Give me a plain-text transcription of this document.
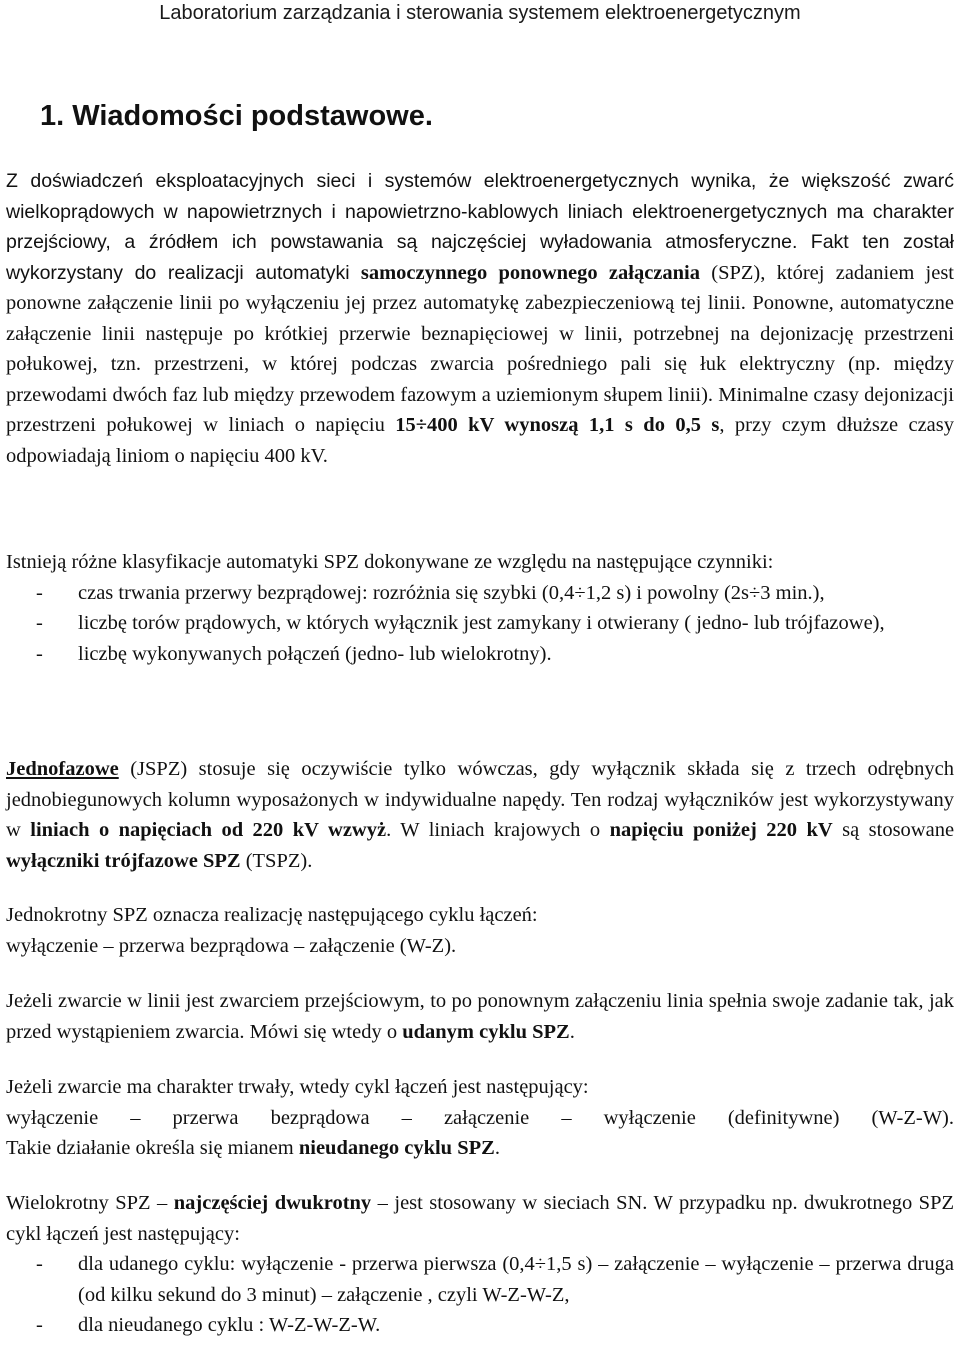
Laboratorium zarządzania i sterowania systemem elektroenergetycznym
1. Wiadomości podstawowe.
Z doświadczeń eksploatacyjnych sieci i systemów elektroenergetycznych wynika, że większość zwarć wielkoprądowych w napowietrznych i napowietrzno-kablowych liniach elektroenergetycznych ma charakter przejściowy, a źródłem ich powstawania są najczęściej wyładowania atmosferyczne. Fakt ten został wykorzystany do realizacji automatyki samoczynnego ponownego załączania (SPZ), której zadaniem jest ponowne załączenie linii po wyłączeniu jej przez automatykę zabezpieczeniową tej linii. Ponowne, automatyczne załączenie linii następuje po krótkiej przerwie beznapięciowej w linii, potrzebnej na dejonizację przestrzeni połukowej, tzn. przestrzeni, w której podczas zwarcia pośredniego pali się łuk elektryczny (np. między przewodami dwóch faz lub między przewodem fazowym a uziemionym słupem linii). Minimalne czasy dejonizacji przestrzeni połukowej w liniach o napięciu 15÷400 kV wynoszą 1,1 s do 0,5 s, przy czym dłuższe czasy odpowiadają liniom o napięciu 400 kV.
Istnieją różne klasyfikacje automatyki SPZ dokonywane ze względu na następujące czynniki:
- czas trwania przerwy bezprądowej: rozróżnia się szybki (0,4÷1,2 s) i powolny (2s÷3 min.),
- liczbę torów prądowych, w których wyłącznik jest zamykany i otwierany ( jedno- lub trójfazowe),
- liczbę wykonywanych połączeń (jedno- lub wielokrotny).
Jednofazowe (JSPZ) stosuje się oczywiście tylko wówczas, gdy wyłącznik składa się z trzech odrębnych jednobiegunowych kolumn wyposażonych w indywidualne napędy. Ten rodzaj wyłączników jest wykorzystywany w liniach o napięciach od 220 kV wzwyż. W liniach krajowych o napięciu poniżej 220 kV są stosowane wyłączniki trójfazowe SPZ (TSPZ).
Jednokrotny SPZ oznacza realizację następującego cyklu łączeń:
wyłączenie – przerwa bezprądowa – załączenie (W-Z).
Jeżeli zwarcie w linii jest zwarciem przejściowym, to po ponownym załączeniu linia spełnia swoje zadanie tak, jak przed wystąpieniem zwarcia. Mówi się wtedy o udanym cyklu SPZ.
Jeżeli zwarcie ma charakter trwały, wtedy cykl łączeń jest następujący:
wyłączenie – przerwa bezprądowa – załączenie – wyłączenie (definitywne) (W-Z-W).
Takie działanie określa się mianem nieudanego cyklu SPZ.
Wielokrotny SPZ – najczęściej dwukrotny – jest stosowany w sieciach SN. W przypadku np. dwukrotnego SPZ cykl łączeń jest następujący:
- dla udanego cyklu: wyłączenie - przerwa pierwsza (0,4÷1,5 s) – załączenie – wyłączenie – przerwa druga (od kilku sekund do 3 minut) – załączenie , czyli W-Z-W-Z,
- dla nieudanego cyklu : W-Z-W-Z-W.
